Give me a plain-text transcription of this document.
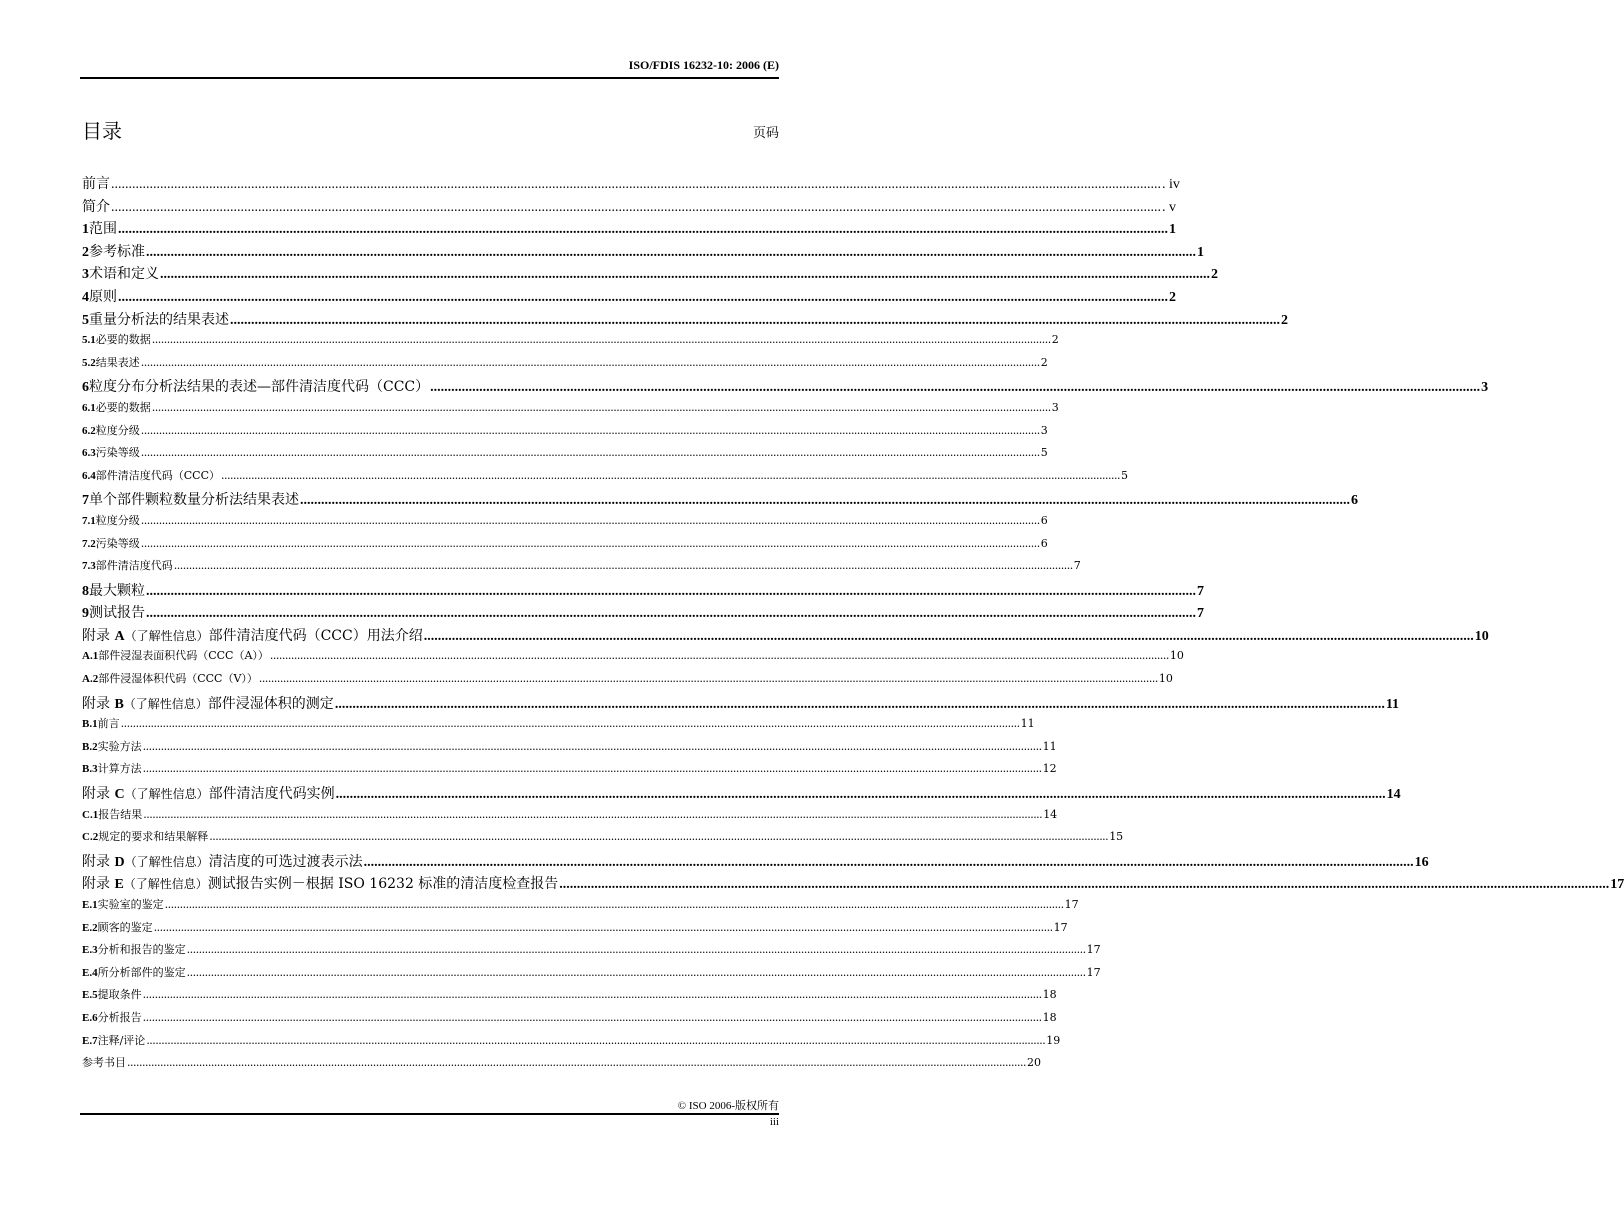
ISO/FDIS 16232-10: 2006 (E)
目录	页码
前言 ............................................................................................................................................................................................................................................................................................................ . iv
简介 ............................................................................................................................................................................................................................................................................................................ . v
1 范围 ............................................................................................................................................................................................................................................................................................................ 1
2 参考标准 ............................................................................................................................................................................................................................................................................................................ 1
3 术语和定义 ............................................................................................................................................................................................................................................................................................................ 2
4 原则 ............................................................................................................................................................................................................................................................................................................ 2
5 重量分析法的结果表述 ............................................................................................................................................................................................................................................................................................................ 2
5.1 必要的数据 ............................................................................................................................................................................................................................................................................................................ 2
5.2 结果表述 ............................................................................................................................................................................................................................................................................................................ 2
6 粒度分布分析法结果的表述—部件清洁度代码（CCC） ............................................................................................................................................................................................................................................................................................................ 3
6.1 必要的数据 ............................................................................................................................................................................................................................................................................................................ 3
6.2 粒度分级 ............................................................................................................................................................................................................................................................................................................ 3
6.3 污染等级 ............................................................................................................................................................................................................................................................................................................ 5
6.4 部件清洁度代码（CCC） ............................................................................................................................................................................................................................................................................................................ 5
7 单个部件颗粒数量分析法结果表述 ............................................................................................................................................................................................................................................................................................................ 6
7.1 粒度分级 ............................................................................................................................................................................................................................................................................................................ 6
7.2 污染等级 ............................................................................................................................................................................................................................................................................................................ 6
7.3 部件清洁度代码 ............................................................................................................................................................................................................................................................................................................ 7
8 最大颗粒 ............................................................................................................................................................................................................................................................................................................ 7
9 测试报告 ............................................................................................................................................................................................................................................................................................................ 7
附录 A（了解性信息）部件清洁度代码（CCC）用法介绍 ............................................................................................................................................................................................................................................................................................................ 10
A.1 部件浸湿表面积代码（CCC（A）） ............................................................................................................................................................................................................................................................................................................ 10
A.2 部件浸湿体积代码（CCC（V）） ............................................................................................................................................................................................................................................................................................................ 10
附录 B（了解性信息）部件浸湿体积的测定 ............................................................................................................................................................................................................................................................................................................ 11
B.1 前言 ............................................................................................................................................................................................................................................................................................................ 11
B.2 实验方法 ............................................................................................................................................................................................................................................................................................................ 11
B.3 计算方法 ............................................................................................................................................................................................................................................................................................................ 12
附录 C（了解性信息）部件清洁度代码实例 ............................................................................................................................................................................................................................................................................................................ 14
C.1 报告结果 ............................................................................................................................................................................................................................................................................................................ 14
C.2 规定的要求和结果解释 ............................................................................................................................................................................................................................................................................................................ 15
附录 D（了解性信息）清洁度的可选过渡表示法 ............................................................................................................................................................................................................................................................................................................ 16
附录 E（了解性信息）测试报告实例－根据 ISO 16232 标准的清洁度检查报告 ............................................................................................................................................................................................................................................................................................................ 17
E.1 实验室的鉴定 ............................................................................................................................................................................................................................................................................................................ 17
E.2 顾客的鉴定 ............................................................................................................................................................................................................................................................................................................ 17
E.3 分析和报告的鉴定 ............................................................................................................................................................................................................................................................................................................ 17
E.4 所分析部件的鉴定 ............................................................................................................................................................................................................................................................................................................ 17
E.5 提取条件 ............................................................................................................................................................................................................................................................................................................ 18
E.6 分析报告 ............................................................................................................................................................................................................................................................................................................ 18
E.7 注释/评论 ............................................................................................................................................................................................................................................................................................................ 19
参考书目 ............................................................................................................................................................................................................................................................................................................ 20
© ISO 2006-版权所有
iii
